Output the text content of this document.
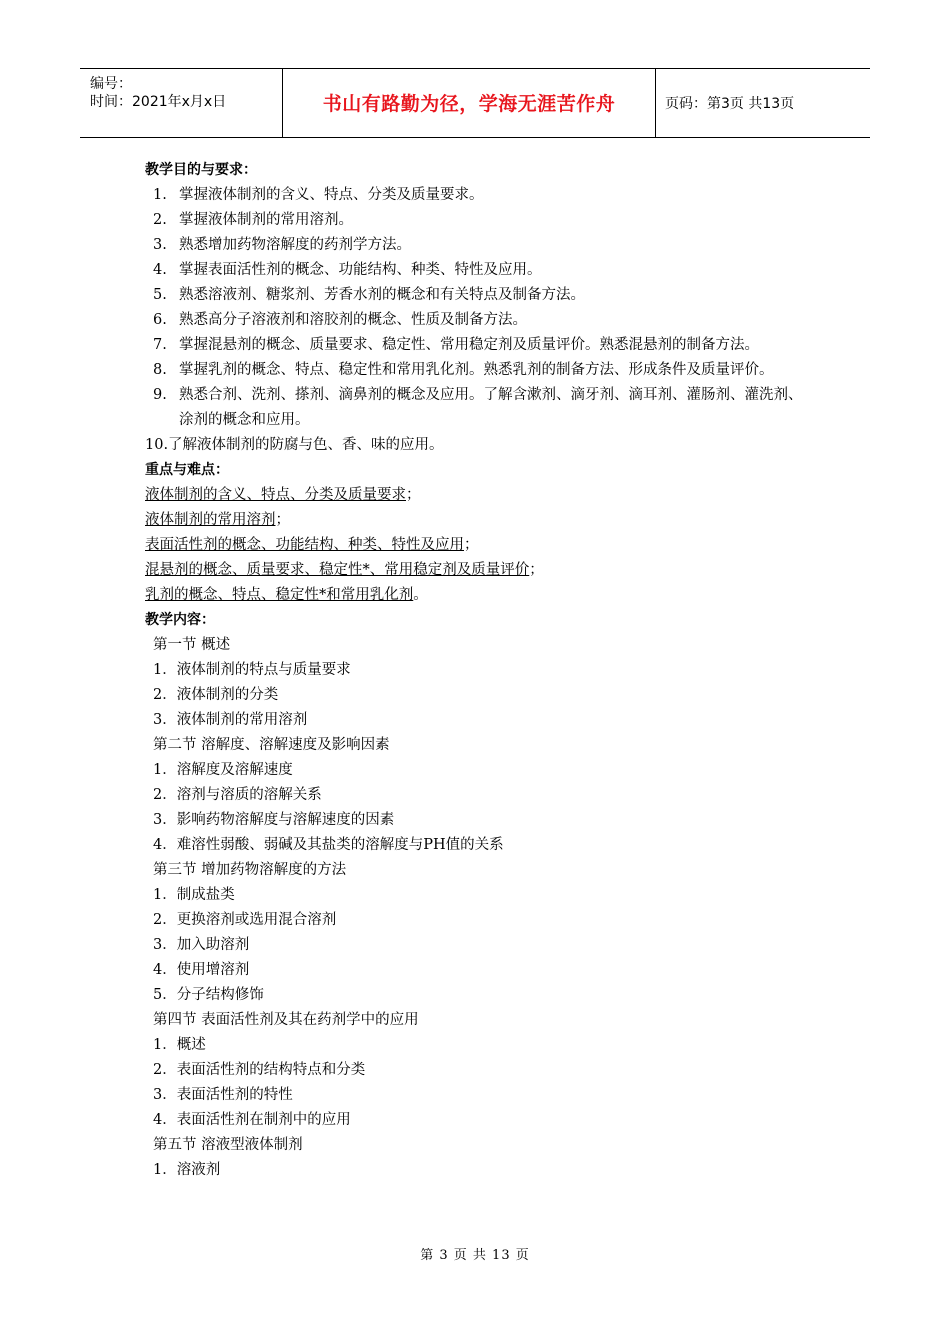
编号：
时间：2021年x月x日	书山有路勤为径，学海无涯苦作舟	页码：第3页 共13页
教学目的与要求：
1. 掌握液体制剂的含义、特点、分类及质量要求。
2. 掌握液体制剂的常用溶剂。
3. 熟悉增加药物溶解度的药剂学方法。
4. 掌握表面活性剂的概念、功能结构、种类、特性及应用。
5. 熟悉溶液剂、糖浆剂、芳香水剂的概念和有关特点及制备方法。
6. 熟悉高分子溶液剂和溶胶剂的概念、性质及制备方法。
7. 掌握混悬剂的概念、质量要求、稳定性、常用稳定剂及质量评价。熟悉混悬剂的制备方法。
8. 掌握乳剂的概念、特点、稳定性和常用乳化剂。熟悉乳剂的制备方法、形成条件及质量评价。
9. 熟悉合剂、洗剂、搽剂、滴鼻剂的概念及应用。了解含漱剂、滴牙剂、滴耳剂、灌肠剂、灌洗剂、涂剂的概念和应用。
10.了解液体制剂的防腐与色、香、味的应用。
重点与难点：
液体制剂的含义、特点、分类及质量要求；
液体制剂的常用溶剂；
表面活性剂的概念、功能结构、种类、特性及应用；
混悬剂的概念、质量要求、稳定性*、常用稳定剂及质量评价；
乳剂的概念、特点、稳定性*和常用乳化剂。
教学内容：
第一节 概述
1．液体制剂的特点与质量要求
2．液体制剂的分类
3．液体制剂的常用溶剂
第二节 溶解度、溶解速度及影响因素
1．溶解度及溶解速度
2．溶剂与溶质的溶解关系
3．影响药物溶解度与溶解速度的因素
4．难溶性弱酸、弱碱及其盐类的溶解度与PH值的关系
第三节 增加药物溶解度的方法
1．制成盐类
2．更换溶剂或选用混合溶剂
3．加入助溶剂
4．使用增溶剂
5．分子结构修饰
第四节 表面活性剂及其在药剂学中的应用
1．概述
2．表面活性剂的结构特点和分类
3．表面活性剂的特性
4．表面活性剂在制剂中的应用
第五节 溶液型液体制剂
1．溶液剂
第 3 页 共 13 页
